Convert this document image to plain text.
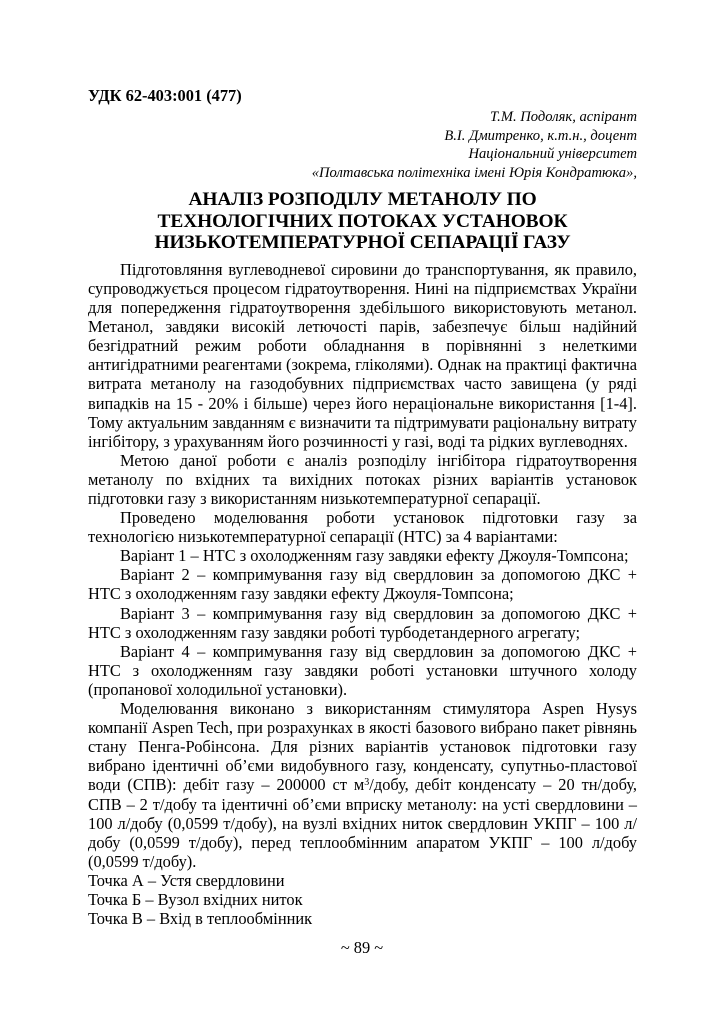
УДК 62-403:001 (477)
Т.М. Подоляк, аспірант
В.І. Дмитренко, к.т.н., доцент
Національний університет
«Полтавська політехніка імені Юрія Кондратюка»,
АНАЛІЗ РОЗПОДІЛУ МЕТАНОЛУ ПО
ТЕХНОЛОГІЧНИХ ПОТОКАХ УСТАНОВОК
НИЗЬКОТЕМПЕРАТУРНОЇ СЕПАРАЦІЇ ГАЗУ

Підготовляння вуглеводневої сировини до транспортування, як правило, супроводжується процесом гідратоутворення. Нині на підприємствах України для попередження гідратоутворення здебільшого використовують метанол. Метанол, завдяки високій летючості парів, забезпечує більш надійний безгідратний режим роботи обладнання в порівнянні з нелеткими антигідратними реагентами (зокрема, гліколями). Однак на практиці фактична витрата метанолу на газодобувних підприємствах часто завищена (у ряді випадків на 15 - 20% і більше) через його нераціональне використання [1-4]. Тому актуальним завданням є визначити та підтримувати раціональну витрату інгібітору, з урахуванням його розчинності у газі, воді та рідких вуглеводнях.

Метою даної роботи є аналіз розподілу інгібітора гідратоутворення метанолу по вхідних та вихідних потоках різних варіантів установок підготовки газу з використанням низькотемпературної сепарації.

Проведено моделювання роботи установок підготовки газу за технологією низькотемпературної сепарації (НТС) за 4 варіантами:

Варіант 1 – НТС з охолодженням газу завдяки ефекту Джоуля-Томпсона;

Варіант 2 – компримування газу від свердловин за допомогою ДКС + НТС з охолодженням газу завдяки ефекту Джоуля-Томпсона;

Варіант 3 – компримування газу від свердловин за допомогою ДКС + НТС з охолодженням газу завдяки роботі турбодетандерного агрегату;

Варіант 4 – компримування газу від свердловин за допомогою ДКС + НТС з охолодженням газу завдяки роботі установки штучного холоду (пропанової холодильної установки).

Моделювання виконано з використанням стимулятора Aspen Hysys компанії Aspen Tech, при розрахунках в якості базового вибрано пакет рівнянь стану Пенга-Робінсона. Для різних варіантів установок підготовки газу вибрано ідентичні об’єми видобувного газу, конденсату, супутньо-пластової води (СПВ): дебіт газу – 200000 ст $м^3$/добу, дебіт конденсату – 20 тн/добу, СПВ – 2 т/добу та ідентичні об’єми вприску метанолу: на усті свердловини – 100 л/добу (0,0599 т/добу), на вузлі вхідних ниток свердловин УКПГ – 100 л/добу (0,0599 т/добу), перед теплообмінним апаратом УКПГ – 100 л/добу (0,0599 т/добу).

Точка А – Устя свердловини
Точка Б – Вузол вхідних ниток
Точка В – Вхід в теплообмінник
~ 89 ~
